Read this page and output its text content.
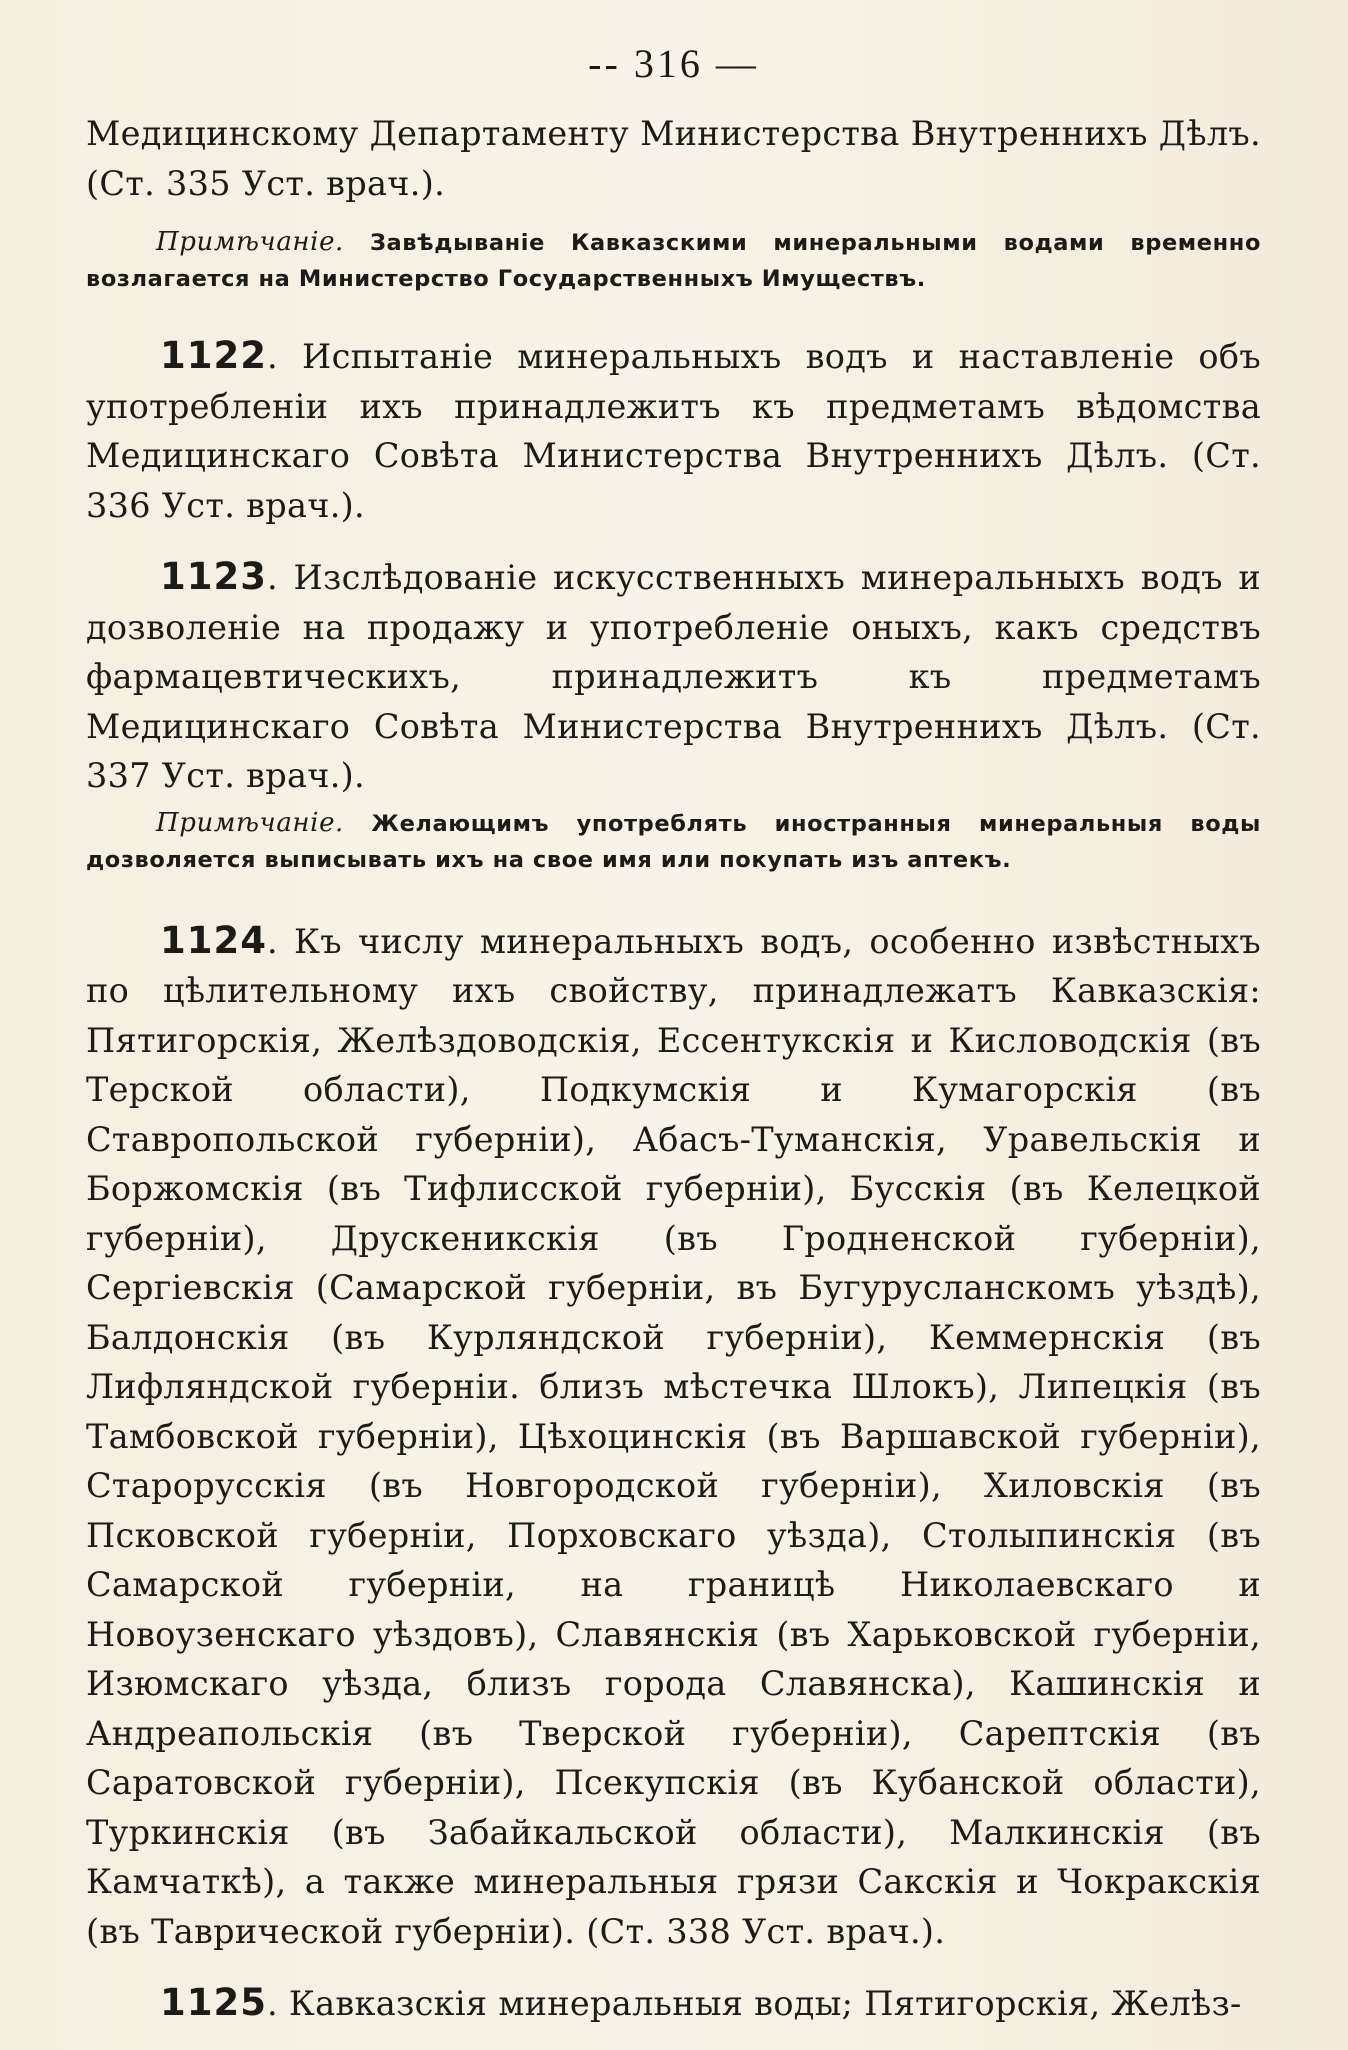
-- 316 —

Медицинскому Департаменту Министерства Внутреннихъ Дѣлъ. (Ст. 335 Уст. врач.).

Примѣчаніе. Завѣдываніе Кавказскими минеральными водами временно возлагается на Министерство Государственныхъ Имуществъ.

1122. Испытаніе минеральныхъ водъ и наставленіе объ употребленіи ихъ принадлежитъ къ предметамъ вѣдомства Медицинскаго Совѣта Министерства Внутреннихъ Дѣлъ. (Ст. 336 Уст. врач.).

1123. Изслѣдованіе искусственныхъ минеральныхъ водъ и дозволеніе на продажу и употребленіе оныхъ, какъ средствъ фармацевтическихъ, принадлежитъ къ предметамъ Медицинскаго Совѣта Министерства Внутреннихъ Дѣлъ. (Ст. 337 Уст. врач.).

Примѣчаніе. Желающимъ употреблять иностранныя минеральныя воды дозволяется выписывать ихъ на свое имя или покупать изъ аптекъ.

1124. Къ числу минеральныхъ водъ, особенно извѣстныхъ по цѣлительному ихъ свойству, принадлежатъ Кавказскія: Пятигорскія, Желѣздоводскія, Ессентукскія и Кисловодскія (въ Терской области), Подкумскія и Кумагорскія (въ Ставропольской губерніи), Абасъ-Туманскія, Уравельскія и Боржомскія (въ Тифлисской губерніи), Бусскія (въ Келецкой губерніи), Друскеникскія (въ Гродненской губерніи), Сергіевскія (Самарской губерніи, въ Бугурусланскомъ уѣздѣ), Балдонскія (въ Курляндской губерніи), Кеммернскія (въ Лифляндской губерніи. близъ мѣстечка Шлокъ), Липецкія (въ Тамбовской губерніи), Цѣхоцинскія (въ Варшавской губерніи), Старорусскія (въ Новгородской губерніи), Хиловскія (въ Псковской губерніи, Порховскаго уѣзда), Столыпинскія (въ Самарской губерніи, на границѣ Николаевскаго и Новоузенскаго уѣздовъ), Славянскія (въ Харьковской губерніи, Изюмскаго уѣзда, близъ города Славянска), Кашинскія и Андреапольскія (въ Тверской губерніи), Сарептскія (въ Саратовской губерніи), Псекупскія (въ Кубанской области), Туркинскія (въ Забайкальской области), Малкинскія (въ Камчаткѣ), а также минеральныя грязи Сакскія и Чокракскія (въ Таврической губерніи). (Ст. 338 Уст. врач.).

1125. Кавказскія минеральныя воды; Пятигорскія, Желѣз-
